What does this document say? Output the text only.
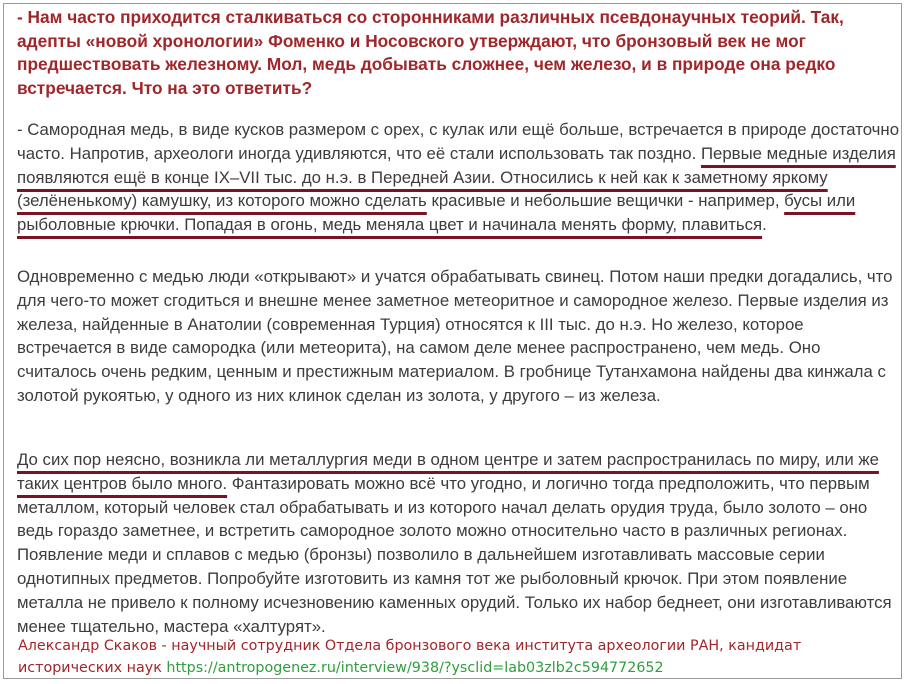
- Нам часто приходится сталкиваться со сторонниками различных псевдонаучных теорий. Так, адепты «новой хронологии» Фоменко и Носовского утверждают, что бронзовый век не мог предшествовать железному. Мол, медь добывать сложнее, чем железо, и в природе она редко встречается. Что на это ответить?
- Самородная медь, в виде кусков размером с орех, с кулак или ещё больше, встречается в природе достаточно часто. Напротив, археологи иногда удивляются, что её стали использовать так поздно. Первые медные изделия появляются ещё в конце IX–VII тыс. до н.э. в Передней Азии. Относились к ней как к заметному яркому (зелёненькому) камушку, из которого можно сделать красивые и небольшие вещички - например, бусы или рыболовные крючки. Попадая в огонь, медь меняла цвет и начинала менять форму, плавиться.
Одновременно с медью люди «открывают» и учатся обрабатывать свинец. Потом наши предки догадались, что для чего-то может сгодиться и внешне менее заметное метеоритное и самородное железо. Первые изделия из железа, найденные в Анатолии (современная Турция) относятся к III тыс. до н.э. Но железо, которое встречается в виде самородка (или метеорита), на самом деле менее распространено, чем медь. Оно считалось очень редким, ценным и престижным материалом. В гробнице Тутанхамона найдены два кинжала с золотой рукоятью, у одного из них клинок сделан из золота, у другого – из железа.
До сих пор неясно, возникла ли металлургия меди в одном центре и затем распространилась по миру, или же таких центров было много. Фантазировать можно всё что угодно, и логично тогда предположить, что первым металлом, который человек стал обрабатывать и из которого начал делать орудия труда, было золото – оно ведь гораздо заметнее, и встретить самородное золото можно относительно часто в различных регионах. Появление меди и сплавов с медью (бронзы) позволило в дальнейшем изготавливать массовые серии однотипных предметов. Попробуйте изготовить из камня тот же рыболовный крючок. При этом появление металла не привело к полному исчезновению каменных орудий. Только их набор беднеет, они изготавливаются менее тщательно, мастера «халтурят».
Александр Скаков - научный сотрудник Отдела бронзового века института археологии РАН, кандидат исторических наук https://antropogenez.ru/interview/938/?ysclid=lab03zlb2c594772652
